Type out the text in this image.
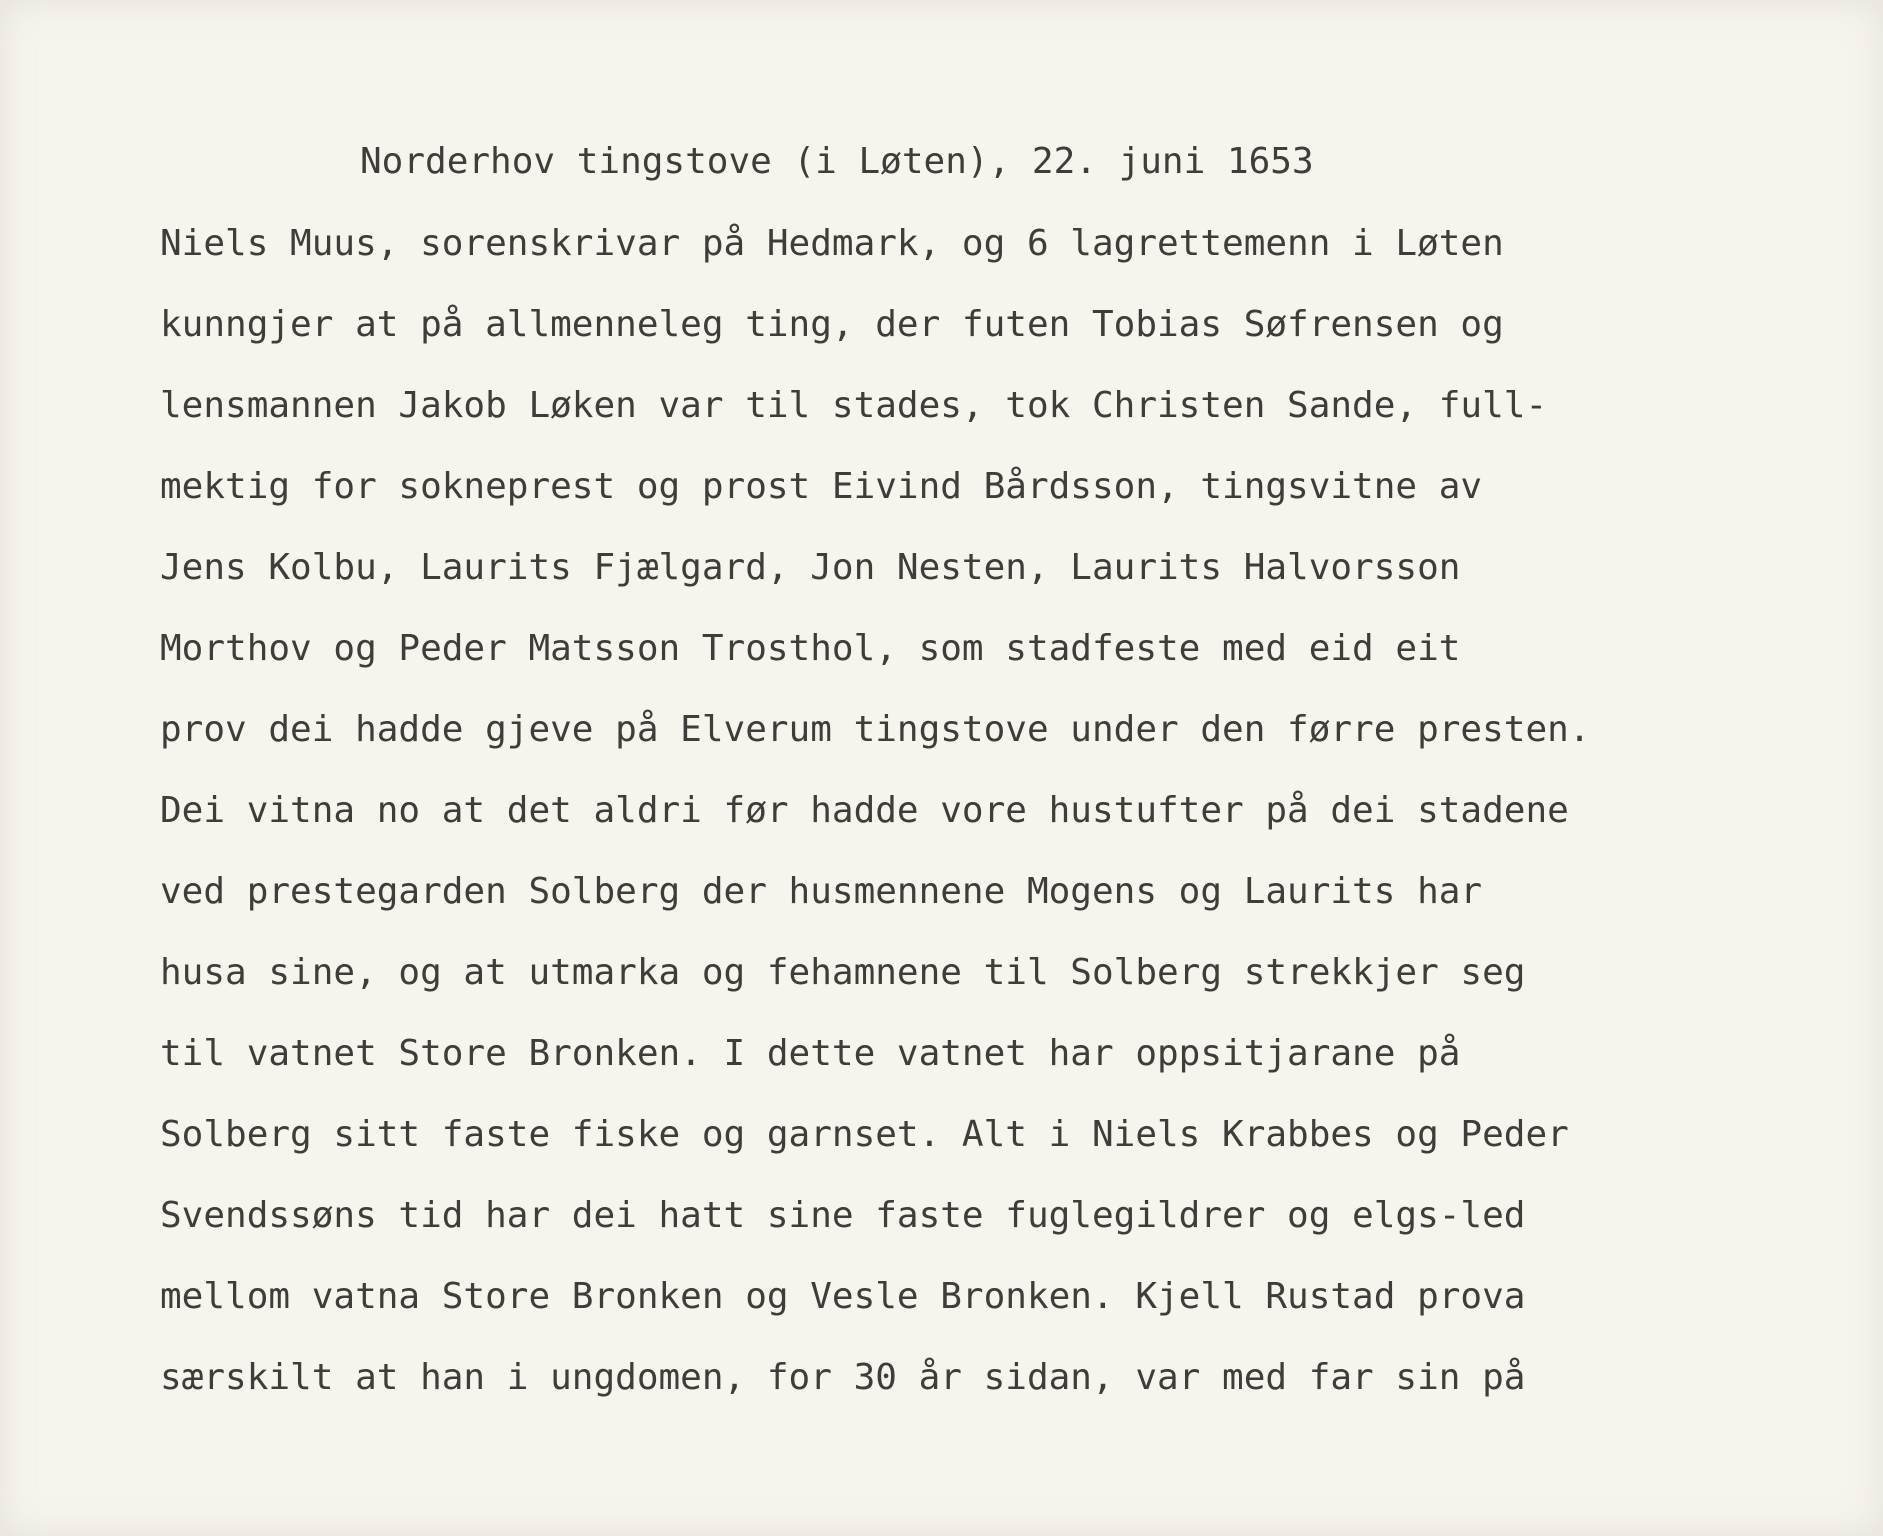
Norderhov tingstove (i Løten), 22. juni 1653
Niels Muus, sorenskrivar på Hedmark, og 6 lagrettemenn i Løten
kunngjer at på allmenneleg ting, der futen Tobias Søfrensen og
lensmannen Jakob Løken var til stades, tok Christen Sande, full-
mektig for sokneprest og prost Eivind Bårdsson, tingsvitne av
Jens Kolbu, Laurits Fjælgard, Jon Nesten, Laurits Halvorsson
Morthov og Peder Matsson Trosthol, som stadfeste med eid eit
prov dei hadde gjeve på Elverum tingstove under den førre presten.
Dei vitna no at det aldri før hadde vore hustufter på dei stadene
ved prestegarden Solberg der husmennene Mogens og Laurits har
husa sine, og at utmarka og fehamnene til Solberg strekkjer seg
til vatnet Store Bronken. I dette vatnet har oppsitjarane på
Solberg sitt faste fiske og garnset. Alt i Niels Krabbes og Peder
Svendssøns tid har dei hatt sine faste fuglegildrer og elgs-led
mellom vatna Store Bronken og Vesle Bronken. Kjell Rustad prova
særskilt at han i ungdomen, for 30 år sidan, var med far sin på
